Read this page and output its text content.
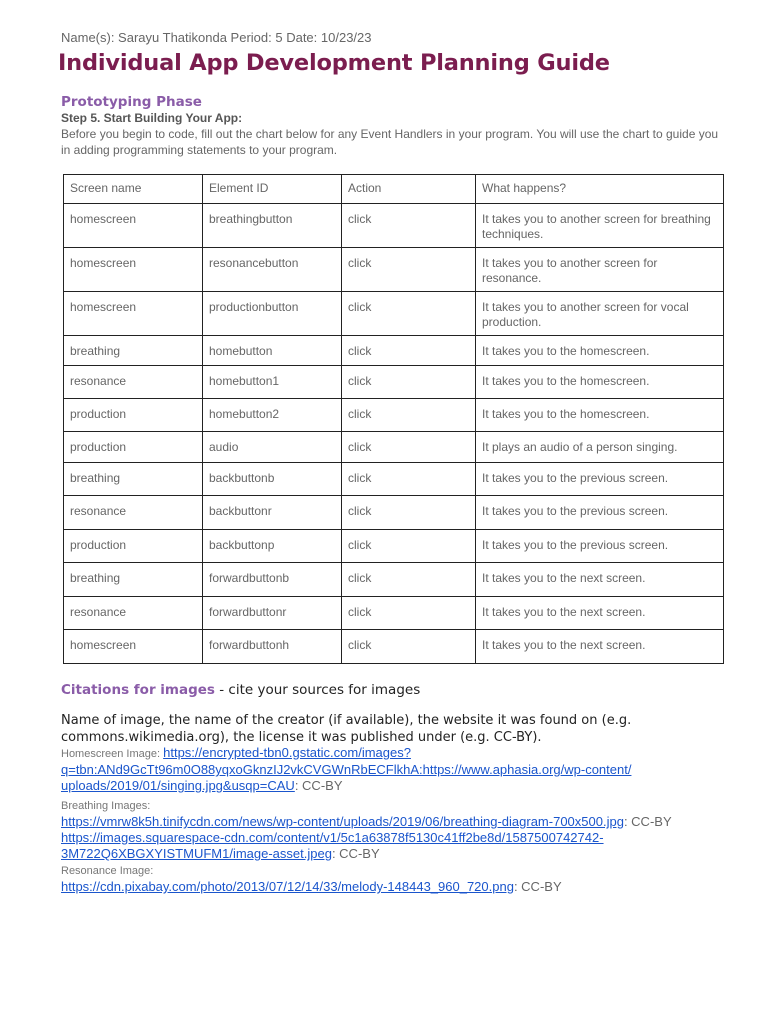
Name(s): Sarayu Thatikonda Period: 5 Date: 10/23/23
Individual App Development Planning Guide
Prototyping Phase
Step 5. Start Building Your App:
Before you begin to code, fill out the chart below for any Event Handlers in your program. You will use the chart to guide you in adding programming statements to your program.
Screen name	Element ID	Action	What happens?
homescreen	breathingbutton	click	It takes you to another screen for breathing techniques.
homescreen	resonancebutton	click	It takes you to another screen for resonance.
homescreen	productionbutton	click	It takes you to another screen for vocal production.
breathing	homebutton	click	It takes you to the homescreen.
resonance	homebutton1	click	It takes you to the homescreen.
production	homebutton2	click	It takes you to the homescreen.
production	audio	click	It plays an audio of a person singing.
breathing	backbuttonb	click	It takes you to the previous screen.
resonance	backbuttonr	click	It takes you to the previous screen.
production	backbuttonp	click	It takes you to the previous screen.
breathing	forwardbuttonb	click	It takes you to the next screen.
resonance	forwardbuttonr	click	It takes you to the next screen.
homescreen	forwardbuttonh	click	It takes you to the next screen.
Citations for images - cite your sources for images
Name of image, the name of the creator (if available), the website it was found on (e.g. commons.wikimedia.org), the license it was published under (e.g. CC-BY).
Homescreen Image: https://encrypted-tbn0.gstatic.com/images?
q=tbn:ANd9GcTt96m0O88yqxoGknzIJ2vkCVGWnRbECFlkhA:https://www.aphasia.org/wp-content/
uploads/2019/01/singing.jpg&usqp=CAU: CC-BY
Breathing Images:
https://vmrw8k5h.tinifycdn.com/news/wp-content/uploads/2019/06/breathing-diagram-700x500.jpg: CC-BY
https://images.squarespace-cdn.com/content/v1/5c1a63878f5130c41ff2be8d/1587500742742-
3M722Q6XBGXYISTMUFM1/image-asset.jpeg: CC-BY
Resonance Image:
https://cdn.pixabay.com/photo/2013/07/12/14/33/melody-148443_960_720.png: CC-BY
